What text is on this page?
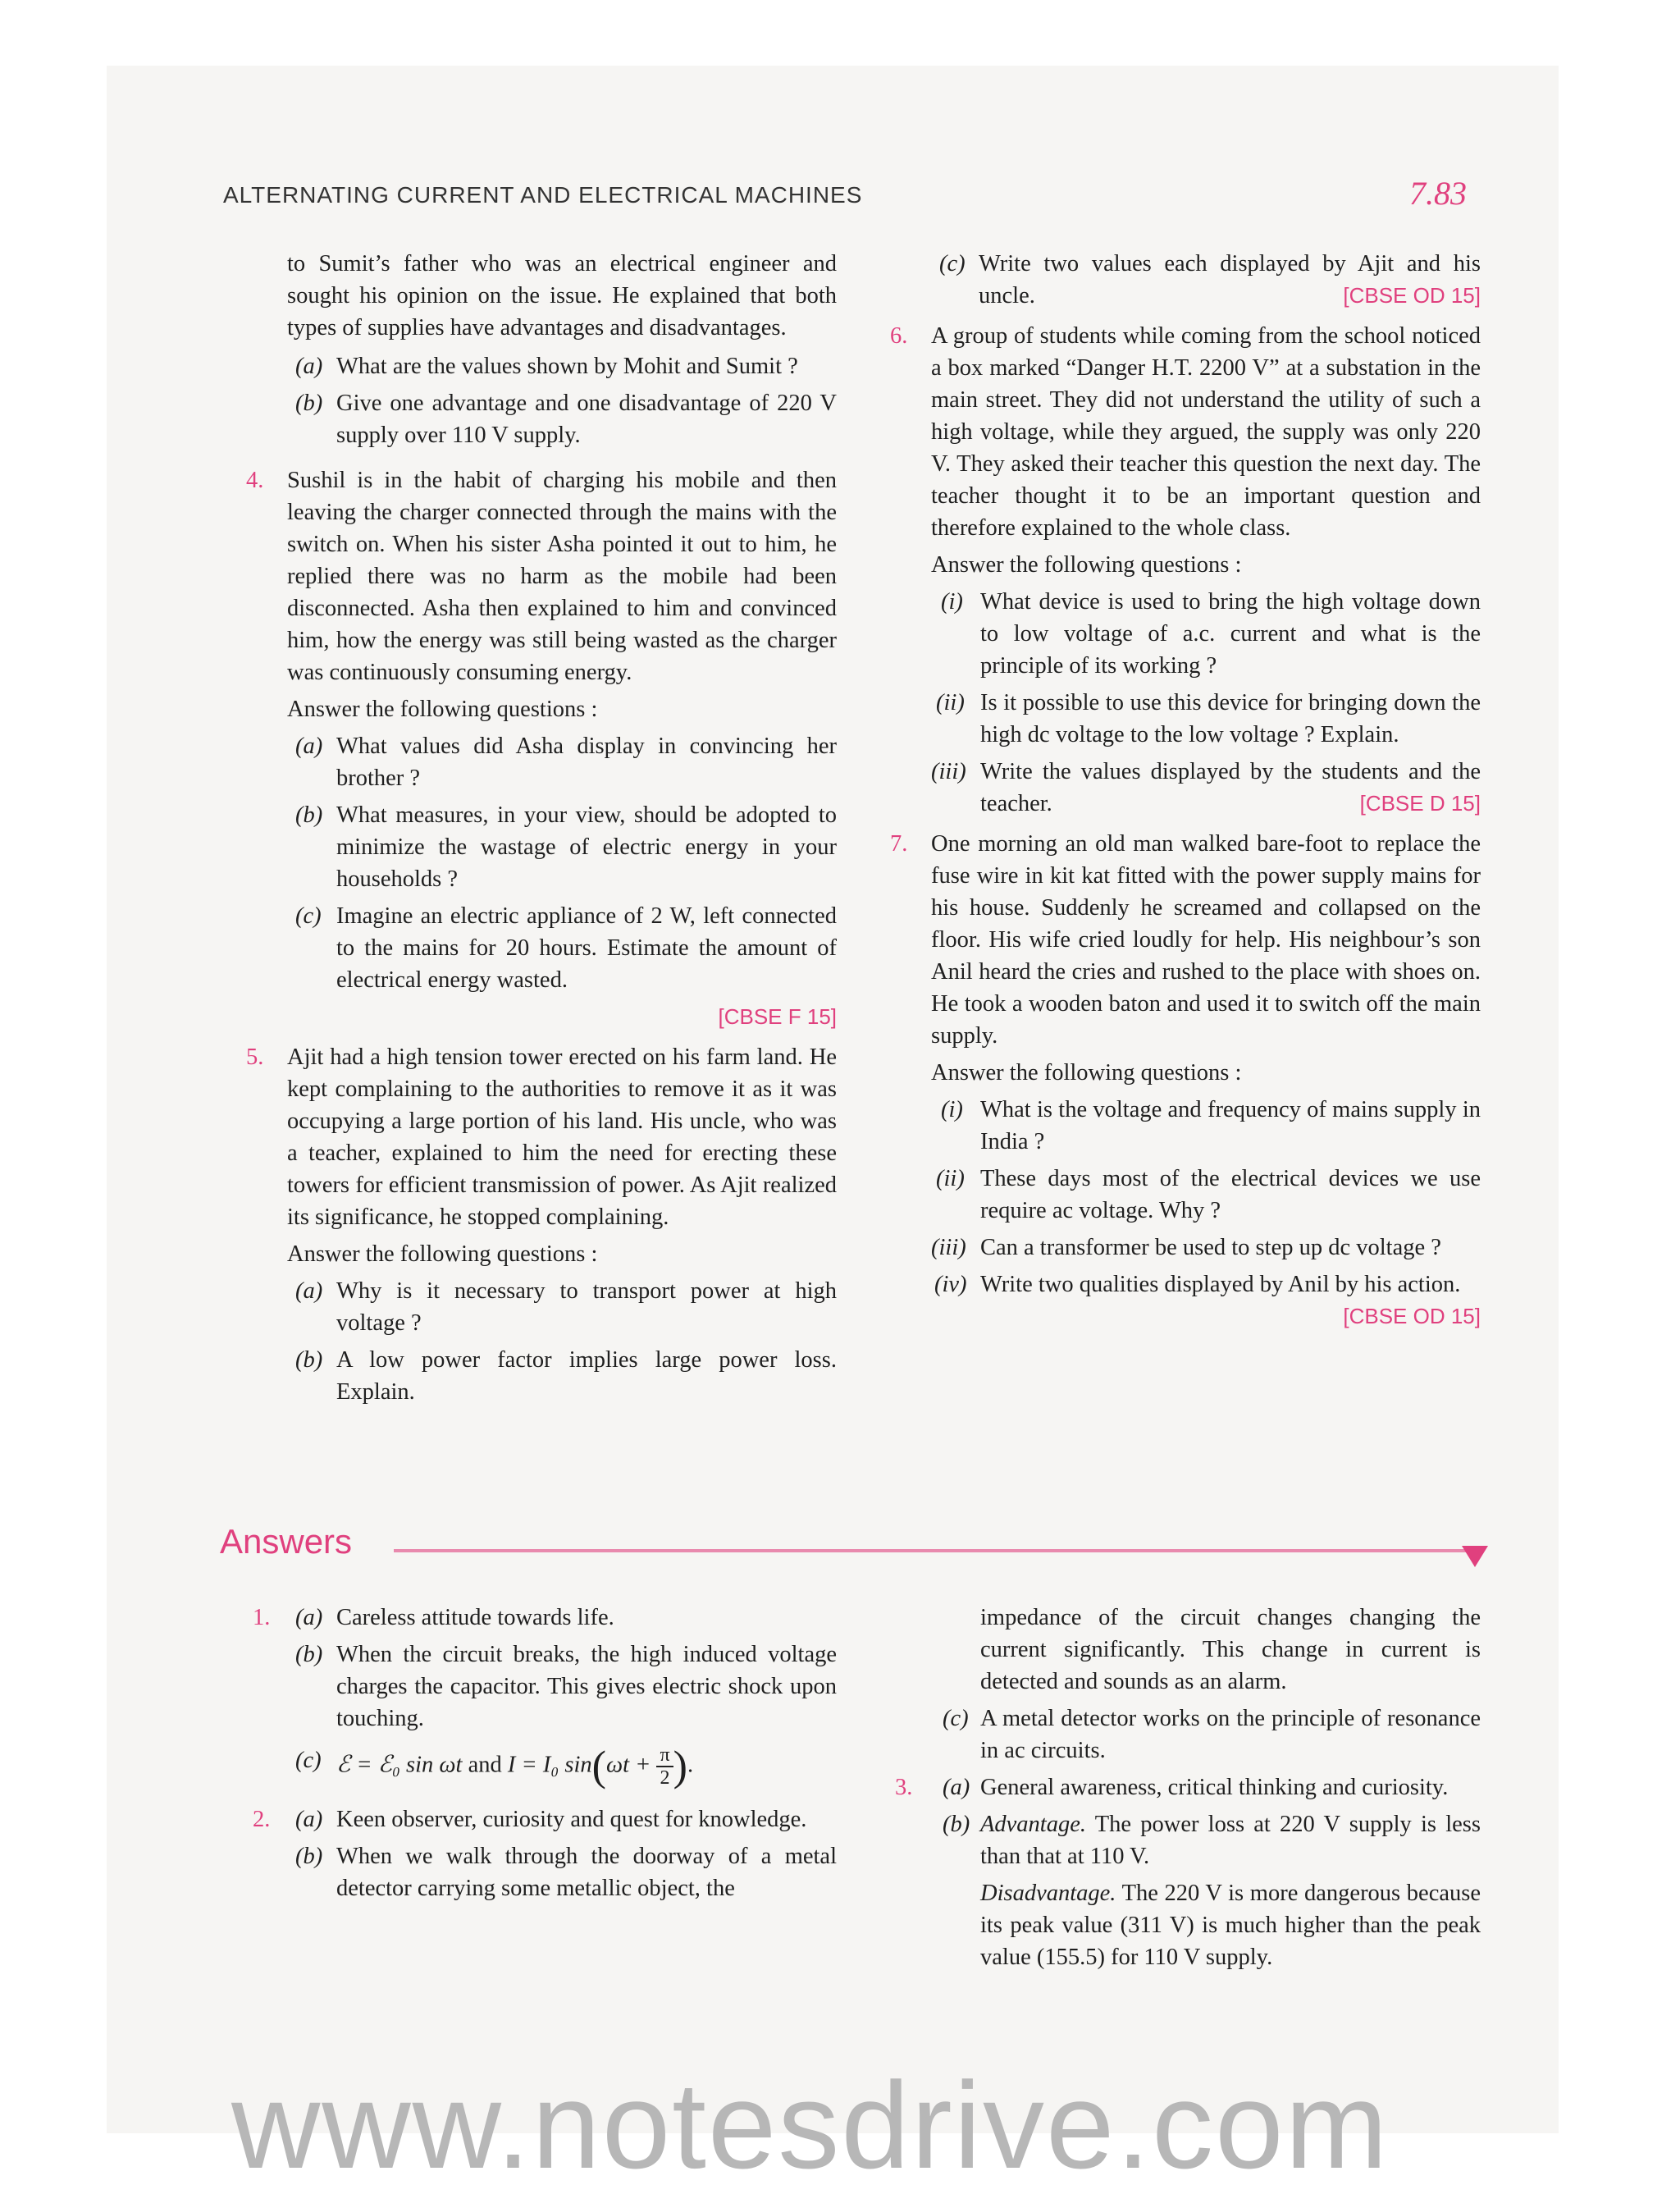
ALTERNATING CURRENT AND ELECTRICAL MACHINES	7.83

to Sumit’s father who was an electrical engineer and sought his opinion on the issue. He explained that both types of supplies have advantages and disadvantages.

(a) What are the values shown by Mohit and Sumit ?
(b) Give one advantage and one disadvantage of 220 V supply over 110 V supply.
4. Sushil is in the habit of charging his mobile and then leaving the charger connected through the mains with the switch on. When his sister Asha pointed it out to him, he replied there was no harm as the mobile had been disconnected. Asha then explained to him and convinced him, how the energy was still being wasted as the charger was continuously consuming energy.
Answer the following questions :
(a) What values did Asha display in convincing her brother ?
(b) What measures, in your view, should be adopted to minimize the wastage of electric energy in your households ?
(c) Imagine an electric appliance of 2 W, left connected to the mains for 20 hours. Estimate the amount of electrical energy wasted.
[CBSE F 15]
5. Ajit had a high tension tower erected on his farm land. He kept complaining to the authorities to remove it as it was occupying a large portion of his land. His uncle, who was a teacher, explained to him the need for erecting these towers for efficient transmission of power. As Ajit realized its significance, he stopped complaining.
Answer the following questions :
(a) Why is it necessary to transport power at high voltage ?
(b) A low power factor implies large power loss. Explain.
(c) Write two values each displayed by Ajit and his uncle.	[CBSE OD 15]
6. A group of students while coming from the school noticed a box marked “Danger H.T. 2200 V” at a substation in the main street. They did not understand the utility of such a high voltage, while they argued, the supply was only 220 V. They asked their teacher this question the next day. The teacher thought it to be an important question and therefore explained to the whole class.
Answer the following questions :
(i) What device is used to bring the high voltage down to low voltage of a.c. current and what is the principle of its working ?
(ii) Is it possible to use this device for bringing down the high dc voltage to the low voltage ? Explain.
(iii) Write the values displayed by the students and the teacher.	[CBSE D 15]
7. One morning an old man walked bare-foot to replace the fuse wire in kit kat fitted with the power supply mains for his house. Suddenly he screamed and collapsed on the floor. His wife cried loudly for help. His neighbour’s son Anil heard the cries and rushed to the place with shoes on. He took a wooden baton and used it to switch off the main supply.
Answer the following questions :
(i) What is the voltage and frequency of mains supply in India ?
(ii) These days most of the electrical devices we use require ac voltage. Why ?
(iii) Can a transformer be used to step up dc voltage ?
(iv) Write two qualities displayed by Anil by his action.
[CBSE OD 15]
Answers
1. (a) Careless attitude towards life.
(b) When the circuit breaks, the high induced voltage charges the capacitor. This gives electric shock upon touching.
(c) ℰ = ℰ₀ sin ωt and I = I₀ $\sin(\omega t + \frac{\pi}{2}$ ).
2. (a) Keen observer, curiosity and quest for knowledge.
(b) When we walk through the doorway of a metal detector carrying some metallic object, the
impedance of the circuit changes changing the current significantly. This change in current is detected and sounds as an alarm.
(c) A metal detector works on the principle of resonance in ac circuits.
3. (a) General awareness, critical thinking and curiosity.
(b) Advantage. The power loss at 220 V supply is less than that at 110 V.
Disadvantage. The 220 V is more dangerous because its peak value (311 V) is much higher than the peak value (155.5) for 110 V supply.
www.notesdrive.com
